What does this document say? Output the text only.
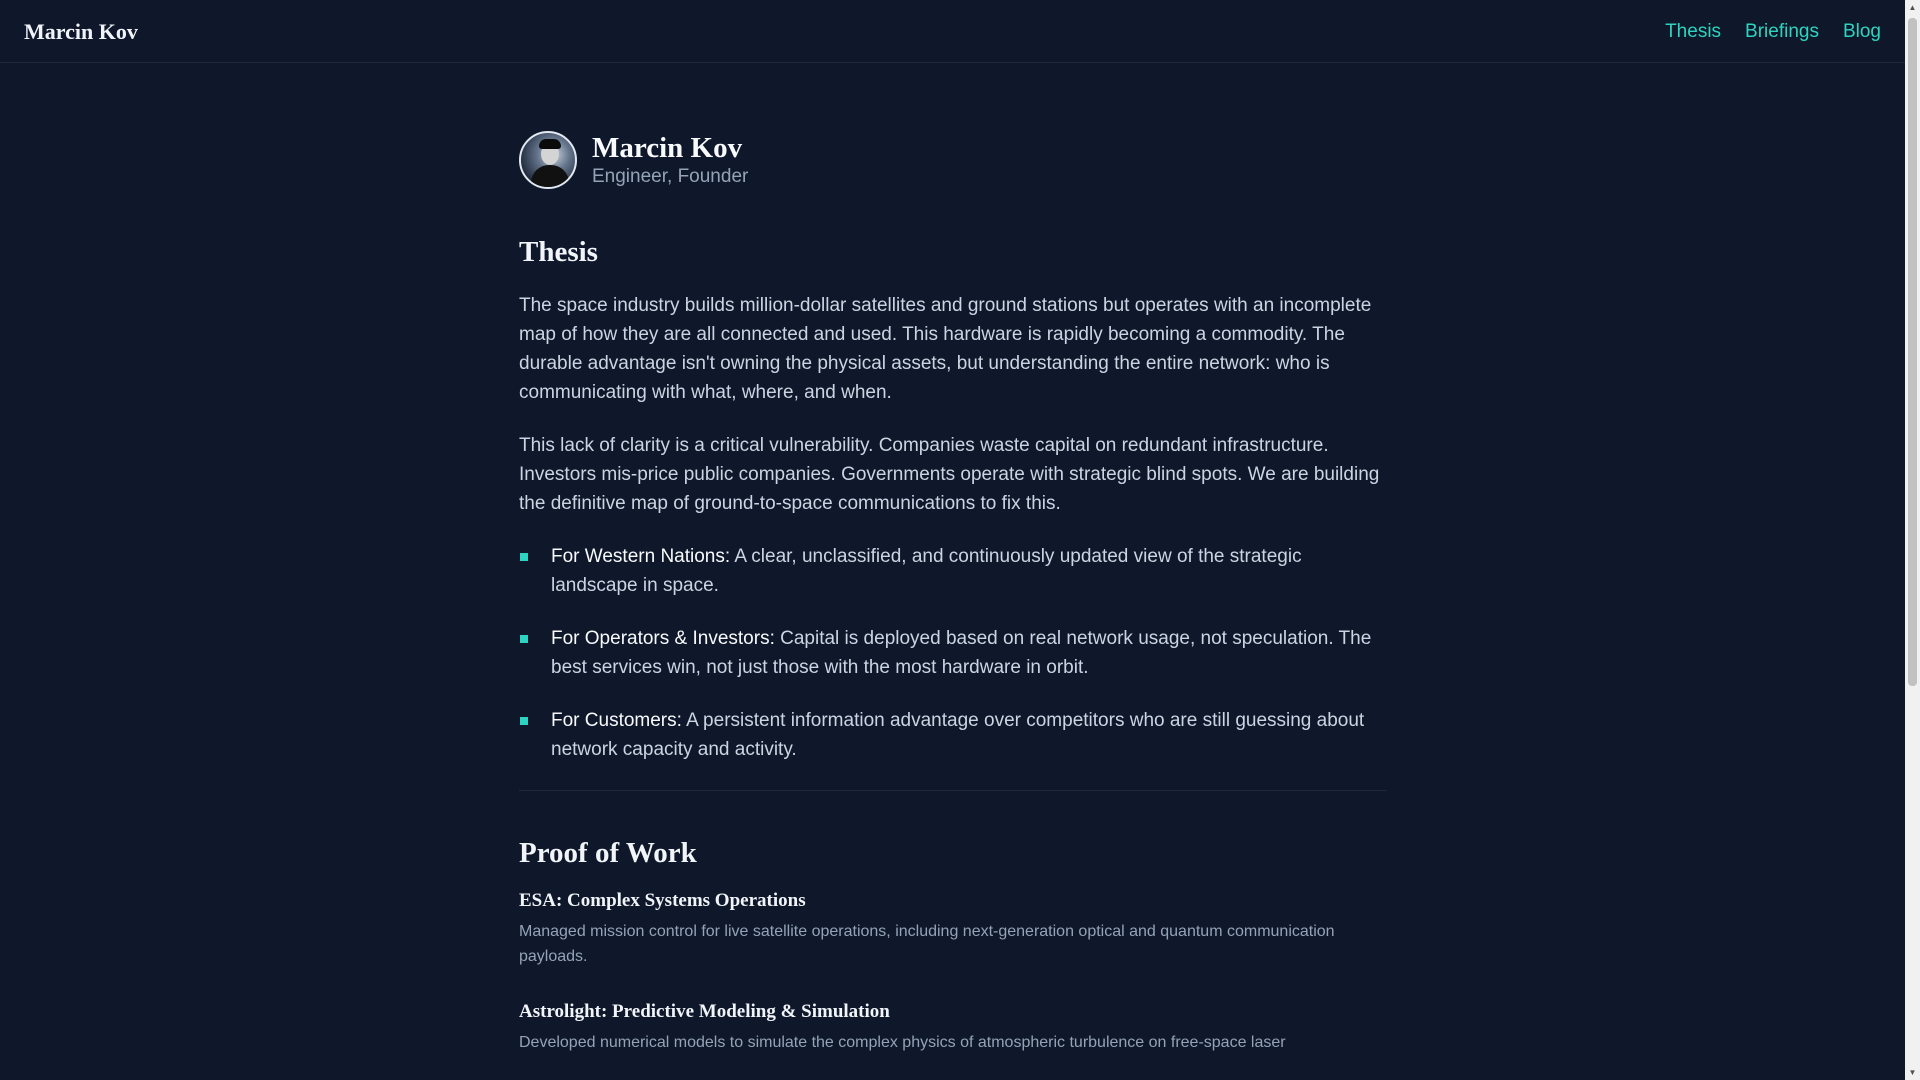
Marcin Kov	Thesis Briefings Blog
▲
▼
Marcin Kov
Engineer, Founder
Thesis

The space industry builds million-dollar satellites and ground stations but operates with an incomplete map of how they are all connected and used. This hardware is rapidly becoming a commodity. The durable advantage isn't owning the physical assets, but understanding the entire network: who is communicating with what, where, and when.

This lack of clarity is a critical vulnerability. Companies waste capital on redundant infrastructure. Investors mis-price public companies. Governments operate with strategic blind spots. We are building the definitive map of ground-to-space communications to fix this.

For Western Nations: A clear, unclassified, and continuously updated view of the strategic landscape in space.
For Operators & Investors: Capital is deployed based on real network usage, not speculation. The best services win, not just those with the most hardware in orbit.
For Customers: A persistent information advantage over competitors who are still guessing about network capacity and activity.
Proof of Work
ESA: Complex Systems Operations
Managed mission control for live satellite operations, including next-generation optical and quantum communication payloads.
Astrolight: Predictive Modeling & Simulation
Developed numerical models to simulate the complex physics of atmospheric turbulence on free-space laser
